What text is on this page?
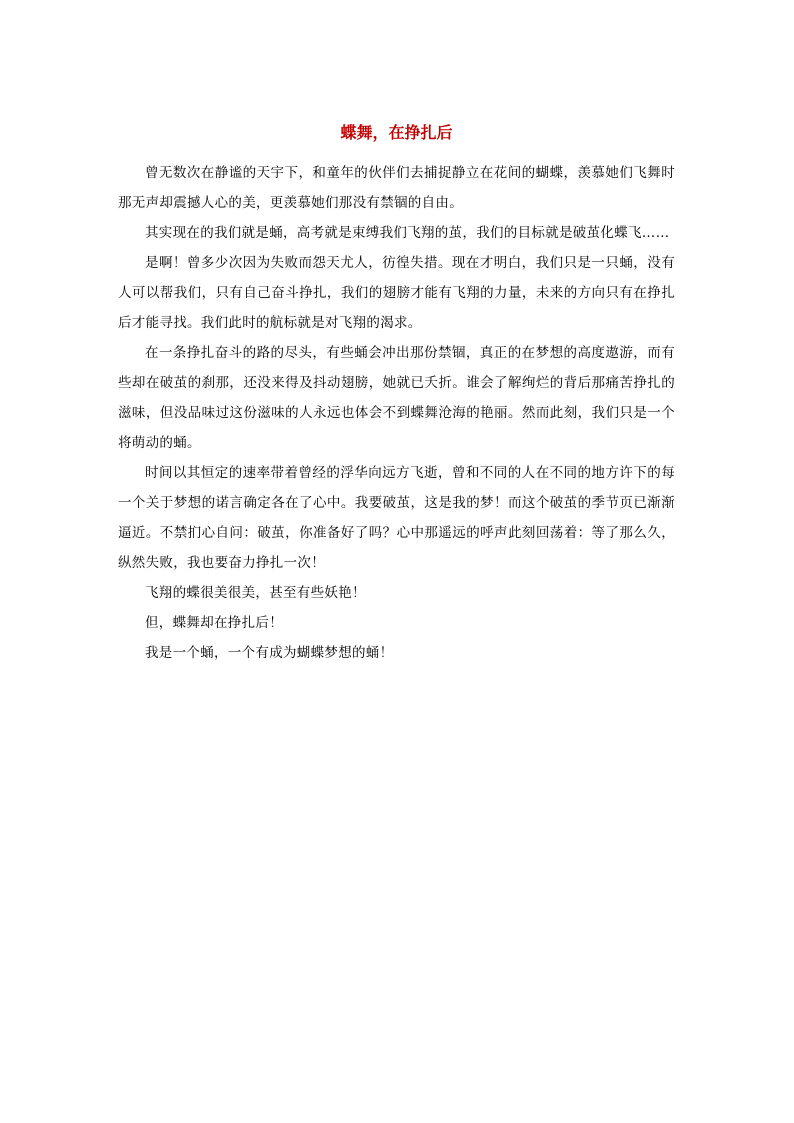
蝶舞，在挣扎后

曾无数次在静谧的天宇下，和童年的伙伴们去捕捉静立在花间的蝴蝶，羡慕她们飞舞时那无声却震撼人心的美，更羡慕她们那没有禁锢的自由。

其实现在的我们就是蛹，高考就是束缚我们飞翔的茧，我们的目标就是破茧化蝶飞……

是啊！曾多少次因为失败而怨天尤人，彷徨失措。现在才明白，我们只是一只蛹，没有人可以帮我们，只有自己奋斗挣扎，我们的翅膀才能有飞翔的力量，未来的方向只有在挣扎后才能寻找。我们此时的航标就是对飞翔的渴求。

在一条挣扎奋斗的路的尽头，有些蛹会冲出那份禁锢，真正的在梦想的高度遨游，而有些却在破茧的刹那，还没来得及抖动翅膀，她就已夭折。谁会了解绚烂的背后那痛苦挣扎的滋味，但没品味过这份滋味的人永远也体会不到蝶舞沧海的艳丽。然而此刻，我们只是一个将萌动的蛹。

时间以其恒定的速率带着曾经的浮华向远方飞逝，曾和不同的人在不同的地方许下的每一个关于梦想的诺言确定各在了心中。我要破茧，这是我的梦！而这个破茧的季节页已渐渐逼近。不禁扪心自问：破茧，你准备好了吗？心中那遥远的呼声此刻回荡着：等了那么久，纵然失败，我也要奋力挣扎一次！

飞翔的蝶很美很美，甚至有些妖艳！

但，蝶舞却在挣扎后！

我是一个蛹，一个有成为蝴蝶梦想的蛹！
